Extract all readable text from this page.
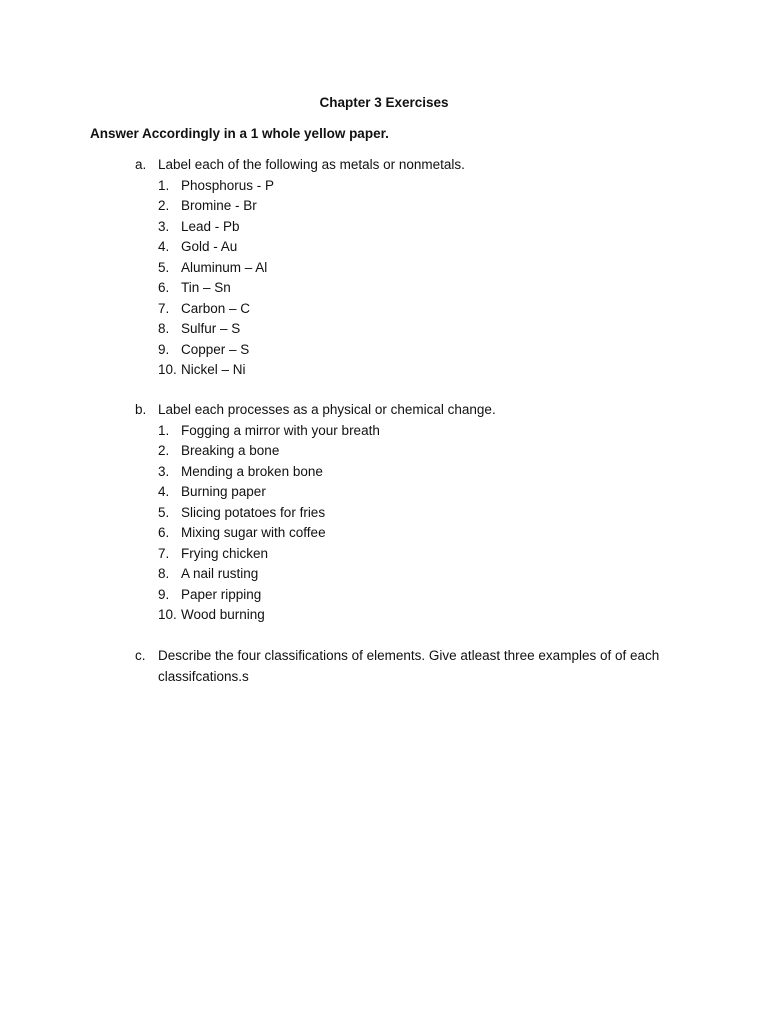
Chapter 3 Exercises
Answer Accordingly in a 1 whole yellow paper.
a. Label each of the following as metals or nonmetals.
1. Phosphorus - P
2. Bromine - Br
3. Lead - Pb
4. Gold - Au
5. Aluminum – Al
6. Tin – Sn
7. Carbon – C
8. Sulfur – S
9. Copper – S
10. Nickel – Ni
b. Label each processes as a physical or chemical change.
1. Fogging a mirror with your breath
2. Breaking a bone
3. Mending a broken bone
4. Burning paper
5. Slicing potatoes for fries
6. Mixing sugar with coffee
7. Frying chicken
8. A nail rusting
9. Paper ripping
10. Wood burning
c. Describe the four classifications of elements. Give atleast three examples of of each classifcations.s
